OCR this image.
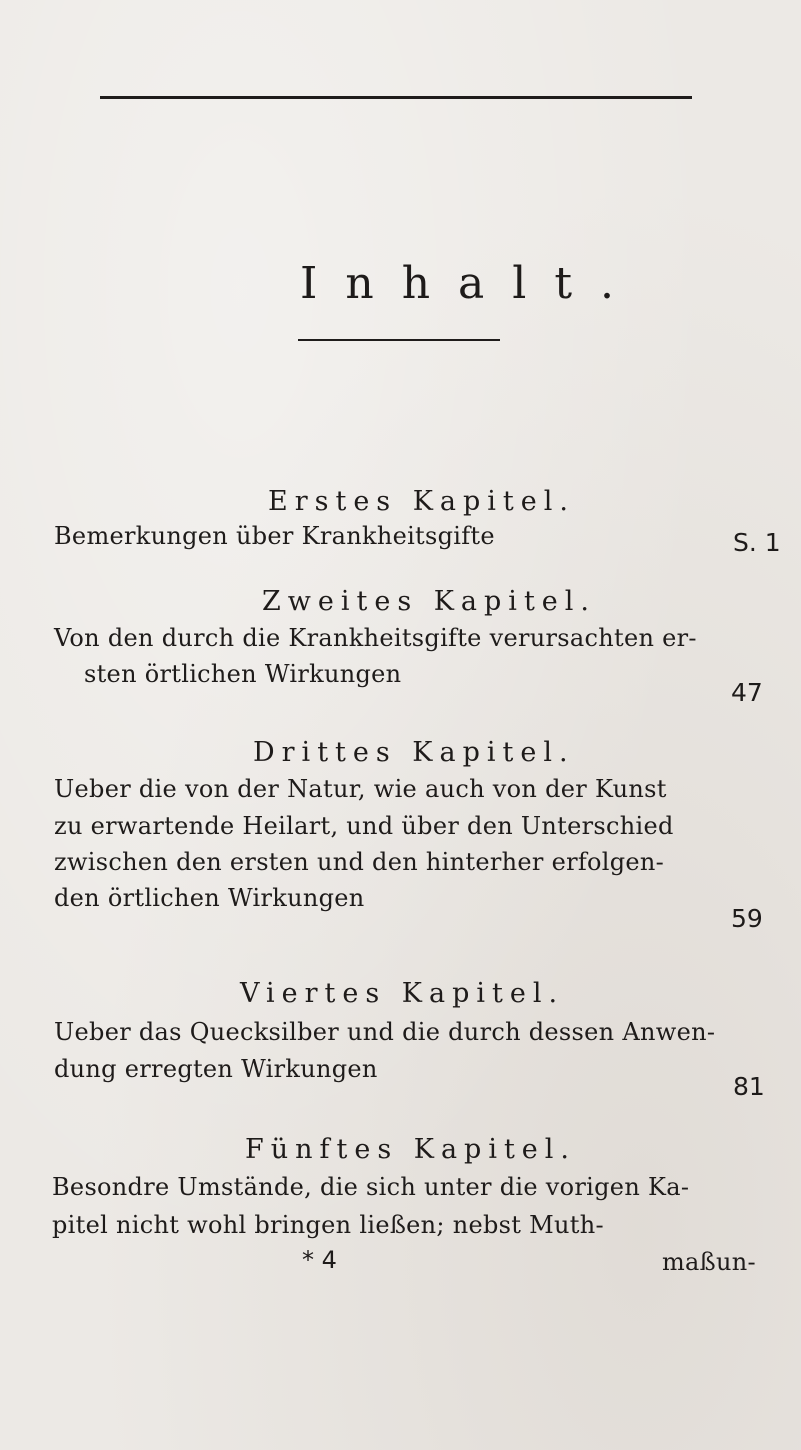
Inhalt.
Erstes Kapitel.
Bemerkungen über Krankheitsgifte	S. 1
Zweites Kapitel.
Von den durch die Krankheitsgifte verursachten er-
sten örtlichen Wirkungen
47
Drittes Kapitel.
Ueber die von der Natur, wie auch von der Kunst
zu erwartende Heilart, und über den Unterschied
zwischen den ersten und den hinterher erfolgen-
den örtlichen Wirkungen
59
Viertes Kapitel.
Ueber das Quecksilber und die durch dessen Anwen-
dung erregten Wirkungen
81
Fünftes Kapitel.
Besondre Umstände, die sich unter die vorigen Ka-
pitel nicht wohl bringen ließen; nebst Muth-
* 4	maßun-
